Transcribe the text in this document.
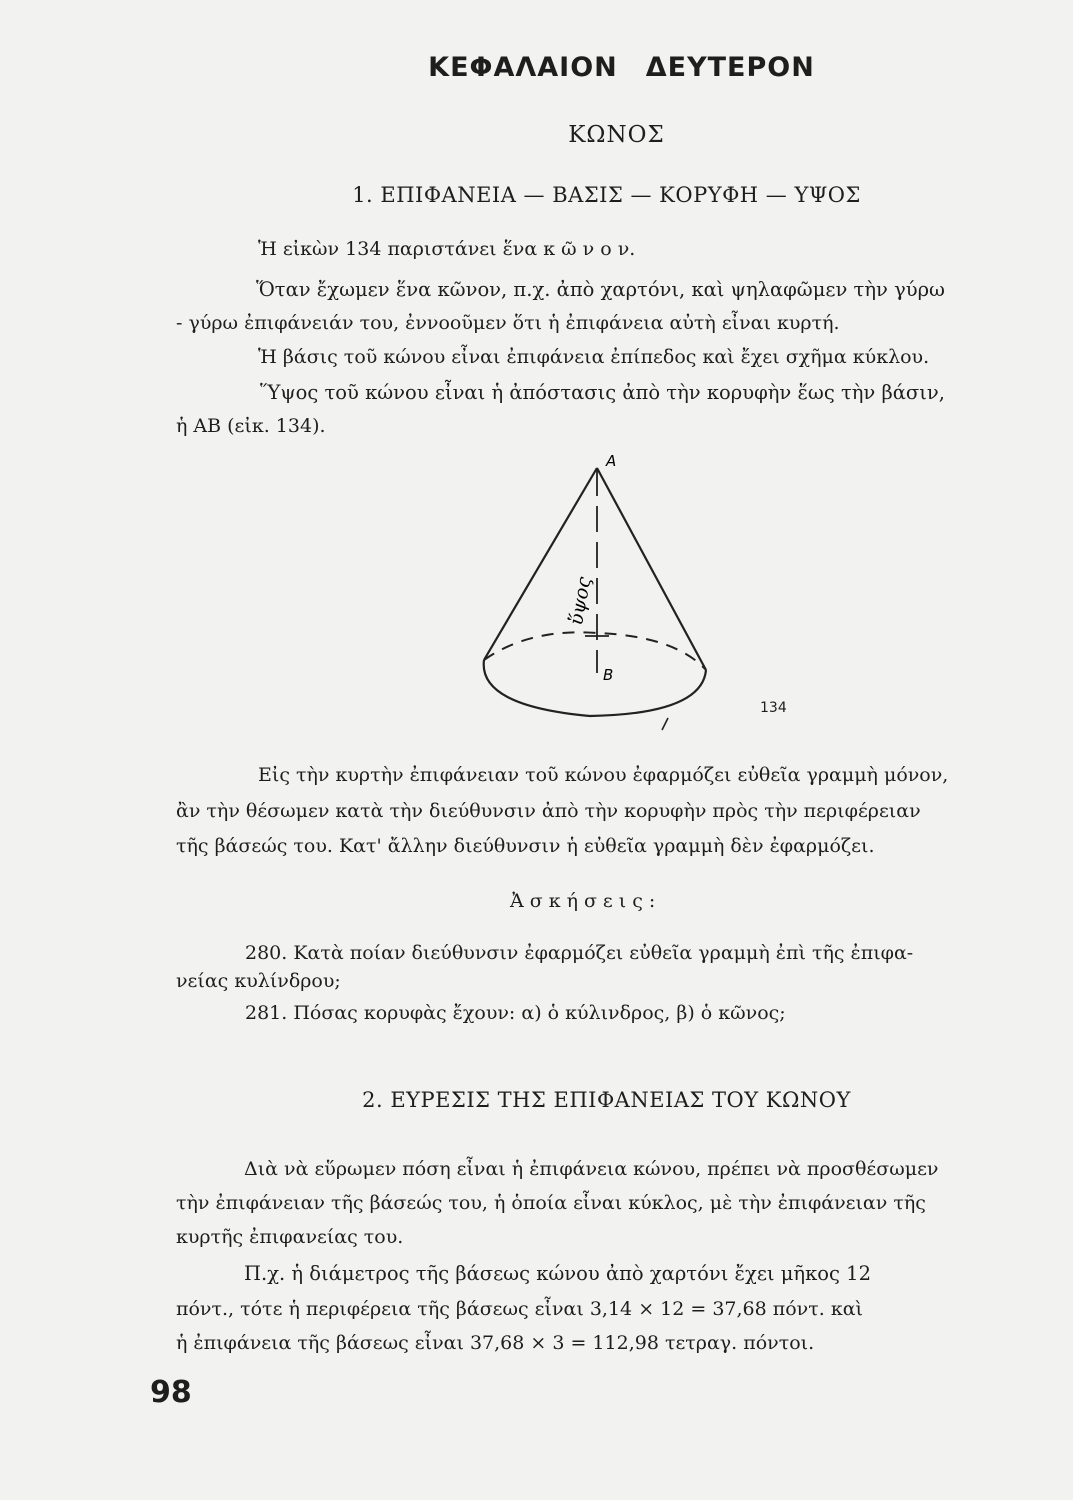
ΚΕΦΑΛΑΙΟΝ ΔΕΥΤΕΡΟΝ
ΚΩΝΟΣ
1. ΕΠΙΦΑΝΕΙΑ — ΒΑΣΙΣ — ΚΟΡΥΦΗ — ΥΨΟΣ
Ἡ εἰκὼν 134 παριστάνει ἕνα κ ῶ ν ο ν.
Ὅταν ἔχωμεν ἕνα κῶνον, π.χ. ἀπὸ χαρτόνι, καὶ ψηλαφῶμεν τὴν γύρω
- γύρω ἐπιφάνειάν του, ἐννοοῦμεν ὅτι ἡ ἐπιφάνεια αὐτὴ εἶναι κυρτή.
Ἡ βάσις τοῦ κώνου εἶναι ἐπιφάνεια ἐπίπεδος καὶ ἔχει σχῆμα κύκλου.
Ὕψος τοῦ κώνου εἶναι ἡ ἀπόστασις ἀπὸ τὴν κορυφὴν ἕως τὴν βάσιν,
ἡ ΑΒ (εἰκ. 134).
A
B
ὕψος
134
Εἰς τὴν κυρτὴν ἐπιφάνειαν τοῦ κώνου ἐφαρμόζει εὐθεῖα γραμμὴ μόνον,
ἂν τὴν θέσωμεν κατὰ τὴν διεύθυνσιν ἀπὸ τὴν κορυφὴν πρὸς τὴν περιφέρειαν
τῆς βάσεώς του. Κατ' ἄλλην διεύθυνσιν ἡ εὐθεῖα γραμμὴ δὲν ἐφαρμόζει.
Ἀσκήσεις:
280. Κατὰ ποίαν διεύθυνσιν ἐφαρμόζει εὐθεῖα γραμμὴ ἐπὶ τῆς ἐπιφα-
νείας κυλίνδρου;
281. Πόσας κορυφὰς ἔχουν: α) ὁ κύλινδρος, β) ὁ κῶνος;
2. ΕΥΡΕΣΙΣ ΤΗΣ ΕΠΙΦΑΝΕΙΑΣ ΤΟΥ ΚΩΝΟΥ
Διὰ νὰ εὕρωμεν πόση εἶναι ἡ ἐπιφάνεια κώνου, πρέπει νὰ προσθέσωμεν
τὴν ἐπιφάνειαν τῆς βάσεώς του, ἡ ὁποία εἶναι κύκλος, μὲ τὴν ἐπιφάνειαν τῆς
κυρτῆς ἐπιφανείας του.
Π.χ. ἡ διάμετρος τῆς βάσεως κώνου ἀπὸ χαρτόνι ἔχει μῆκος 12
πόντ., τότε ἡ περιφέρεια τῆς βάσεως εἶναι 3,14 × 12 = 37,68 πόντ. καὶ
ἡ ἐπιφάνεια τῆς βάσεως εἶναι 37,68 × 3 = 112,98 τετραγ. πόντοι.
98
